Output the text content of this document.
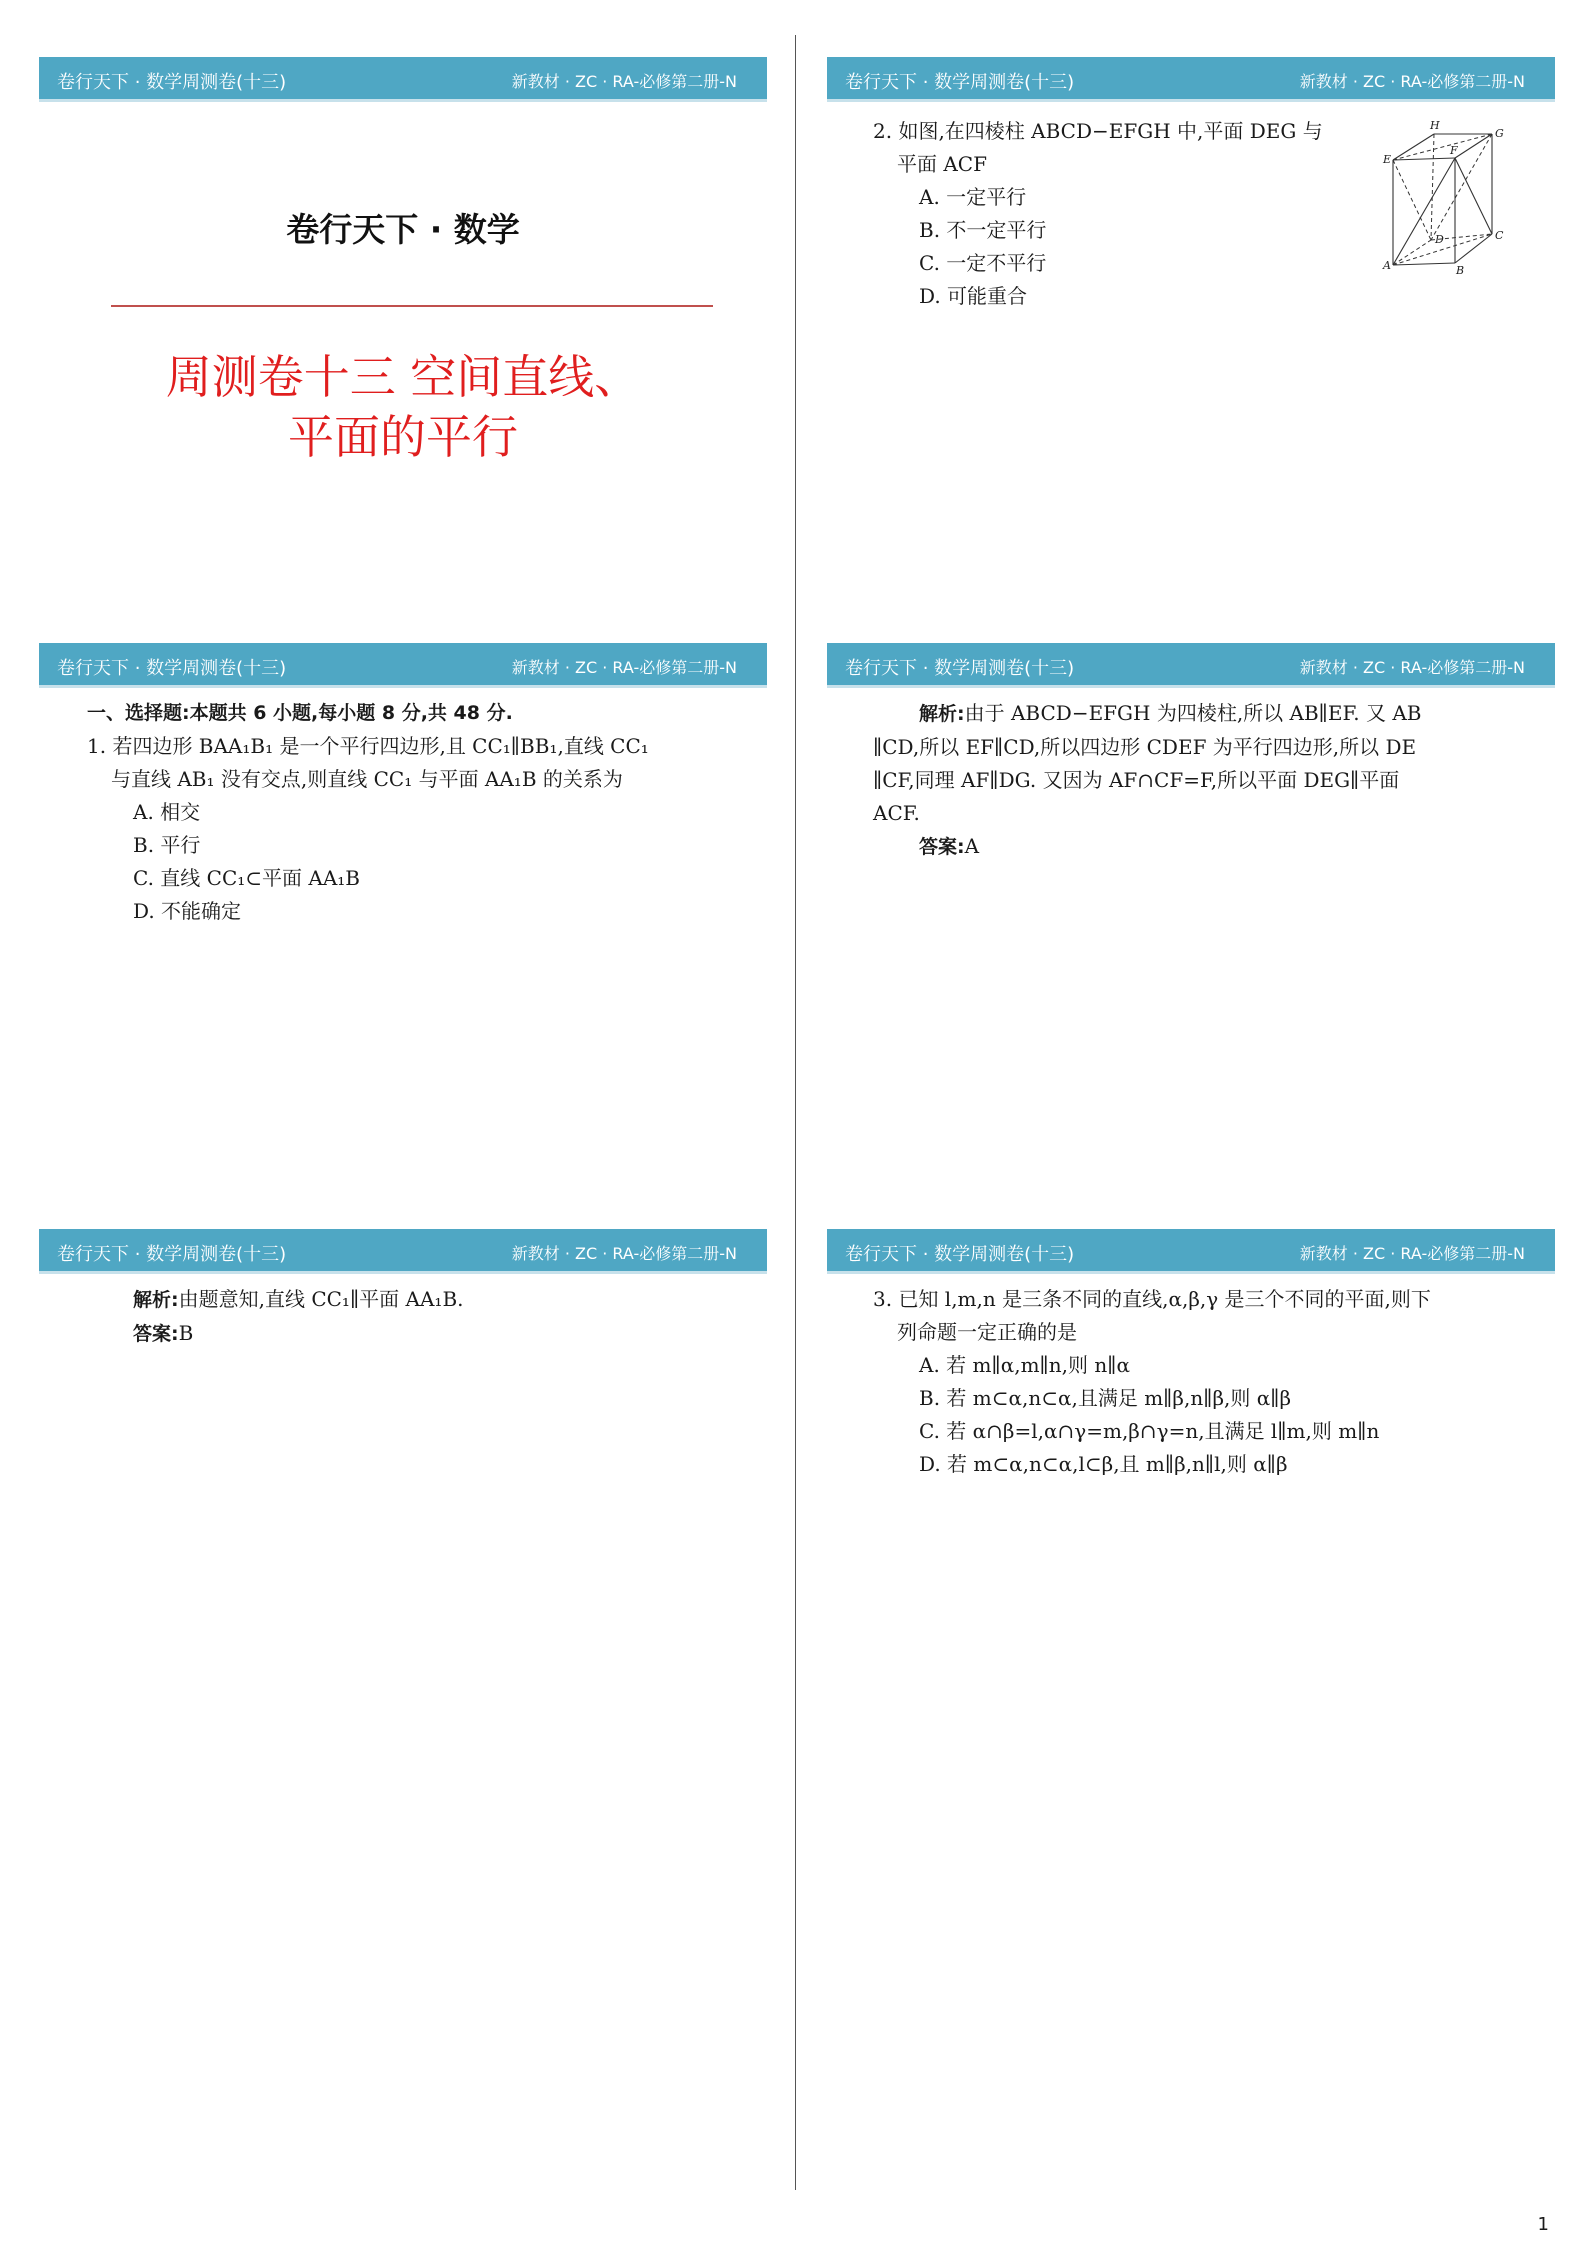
卷行天下 · 数学周测卷(十三)	新教材 · ZC · RA-必修第二册-N
卷行天下 · 数学
周测卷十三 空间直线、
平面的平行
卷行天下 · 数学周测卷(十三)	新教材 · ZC · RA-必修第二册-N

2. 如图,在四棱柱 ABCD−EFGH 中,平面 DEG 与

平面 ACF

A. 一定平行

B. 不一定平行

C. 一定不平行

D. 可能重合

H
G
E
F
D	C
A	B
卷行天下 · 数学周测卷(十三)	新教材 · ZC · RA-必修第二册-N

一、选择题:本题共 6 小题,每小题 8 分,共 48 分.

1. 若四边形 BAA₁B₁ 是一个平行四边形,且 CC₁∥BB₁,直线 CC₁

与直线 AB₁ 没有交点,则直线 CC₁ 与平面 AA₁B 的关系为

A. 相交

B. 平行

C. 直线 CC₁⊂平面 AA₁B

D. 不能确定

卷行天下 · 数学周测卷(十三)	新教材 · ZC · RA-必修第二册-N

解析:由于 ABCD−EFGH 为四棱柱,所以 AB∥EF. 又 AB

∥CD,所以 EF∥CD,所以四边形 CDEF 为平行四边形,所以 DE

∥CF,同理 AF∥DG. 又因为 AF∩CF=F,所以平面 DEG∥平面

ACF.

答案:A

卷行天下 · 数学周测卷(十三)	新教材 · ZC · RA-必修第二册-N

解析:由题意知,直线 CC₁∥平面 AA₁B.

答案:B

卷行天下 · 数学周测卷(十三)	新教材 · ZC · RA-必修第二册-N

3. 已知 l,m,n 是三条不同的直线,α,β,γ 是三个不同的平面,则下

列命题一定正确的是

A. 若 m∥α,m∥n,则 n∥α

B. 若 m⊂α,n⊂α,且满足 m∥β,n∥β,则 α∥β

C. 若 α∩β=l,α∩γ=m,β∩γ=n,且满足 l∥m,则 m∥n

D. 若 m⊂α,n⊂α,l⊂β,且 m∥β,n∥l,则 α∥β

1
